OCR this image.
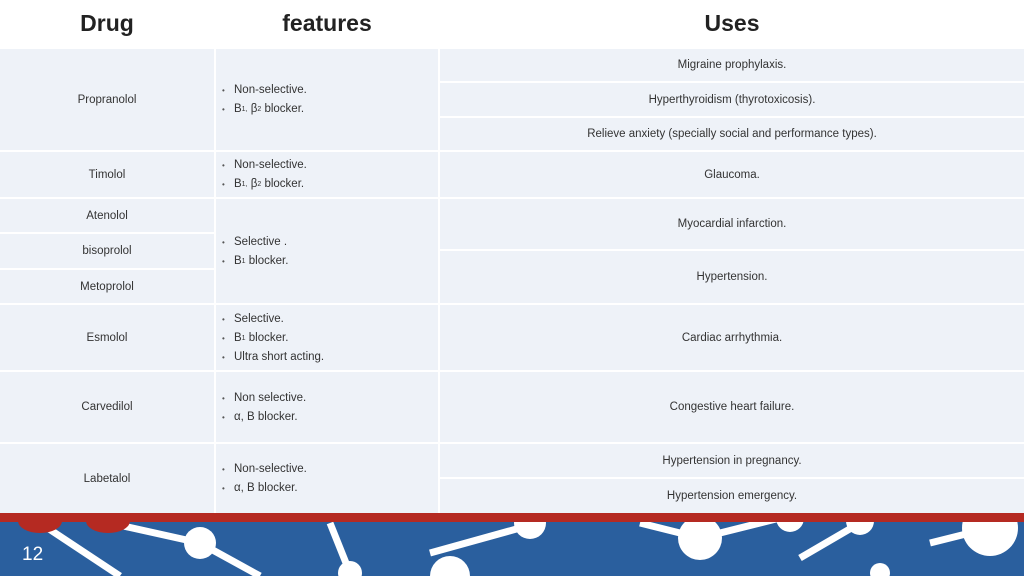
Drug	features	Uses
Propranolol
Timolol
Atenolol
bisoprolol
Metoprolol
Esmolol
Carvedilol
Labetalol
• Non-selective.
• B 1,
β 2
blocker.
• Non-selective.
• B 1,
β 2
blocker.
• Selective .
• B 1
blocker.
• Selective.
• B 1
blocker.
• Ultra short acting.
• Non selective.
• α, B blocker.
• Non-selective.
• α, B blocker.
Migraine prophylaxis.
Hyperthyroidism (thyrotoxicosis).
Relieve anxiety (specially social and performance types).
Glaucoma.
Myocardial infarction.
Hypertension.
Cardiac arrhythmia.
Congestive heart failure.
Hypertension in pregnancy.
Hypertension emergency.
12
